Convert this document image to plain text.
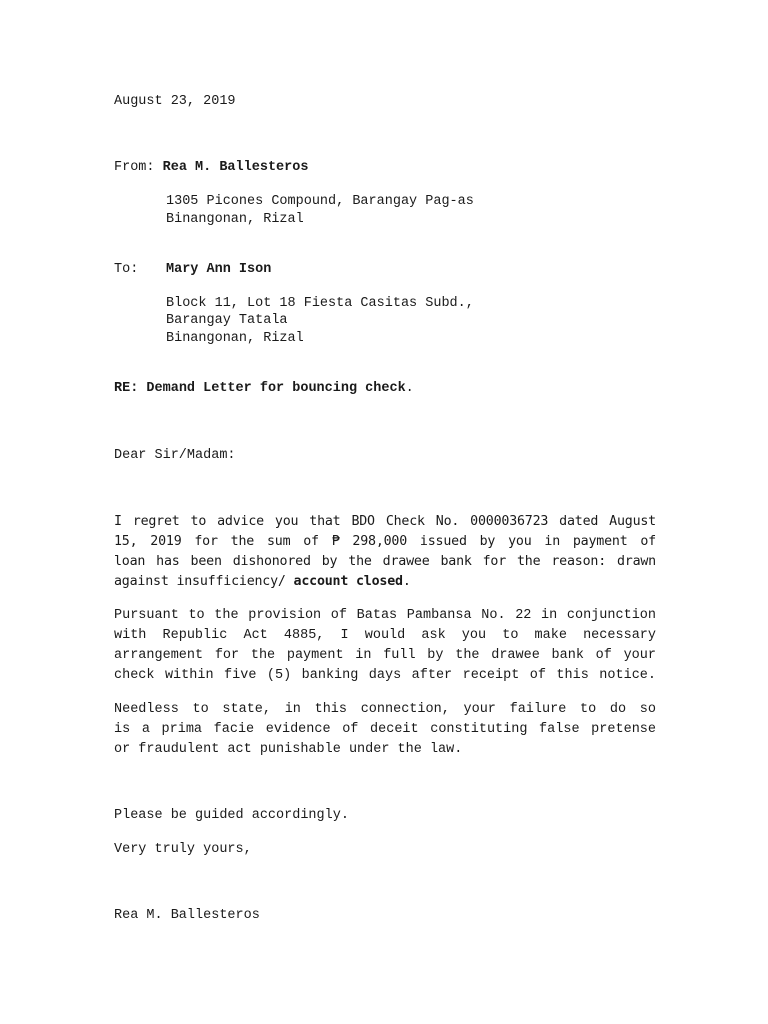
August 23, 2019

From: Rea M. Ballesteros

1305 Picones Compound, Barangay Pag-as

Binangonan, Rizal

To: Mary Ann Ison

Block 11, Lot 18 Fiesta Casitas Subd.,

Barangay Tatala

Binangonan, Rizal

RE: Demand Letter for bouncing check.

Dear Sir/Madam:

I regret to advice you that BDO Check No. 0000036723 dated August
15, 2019 for the sum of ₱ 298,000 issued by you in payment of
loan has been dishonored by the drawee bank for the reason: drawn
against insufficiency/ account closed.
Pursuant to the provision of Batas Pambansa No. 22 in conjunction
with Republic Act 4885, I would ask you to make necessary
arrangement for the payment in full by the drawee bank of your
check within five (5) banking days after receipt of this notice.
Needless to state, in this connection, your failure to do so
is a prima facie evidence of deceit constituting false pretense
or fraudulent act punishable under the law.

Please be guided accordingly.

Very truly yours,

Rea M. Ballesteros
